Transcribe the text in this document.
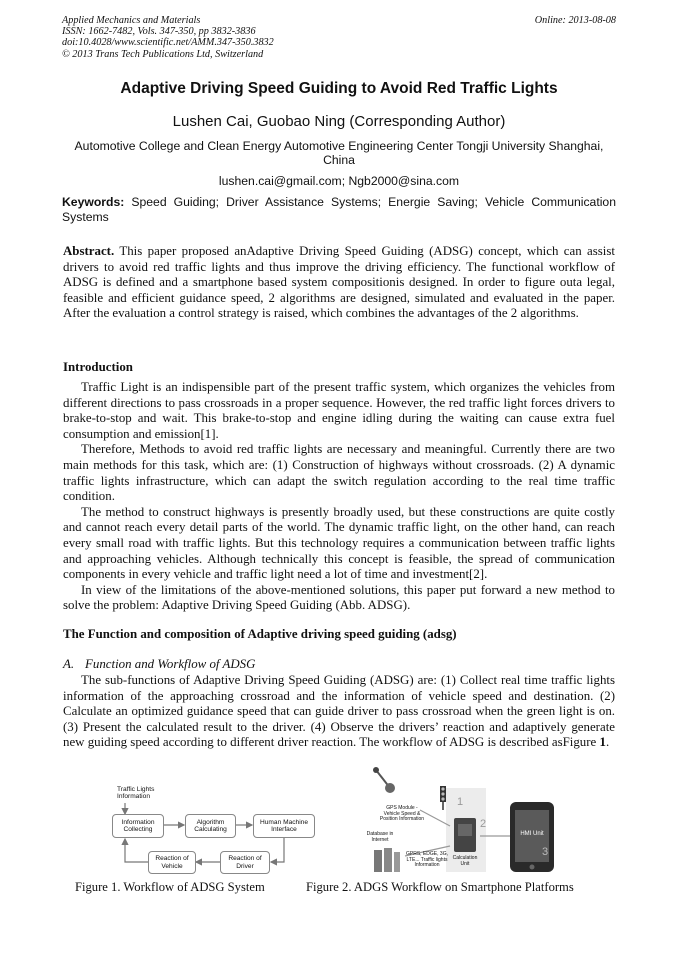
Applied Mechanics and Materials
ISSN: 1662-7482, Vols. 347-350, pp 3832-3836
doi:10.4028/www.scientific.net/AMM.347-350.3832
© 2013 Trans Tech Publications Ltd, Switzerland
Online: 2013-08-08
Adaptive Driving Speed Guiding to Avoid Red Traffic Lights
Lushen Cai, Guobao Ning (Corresponding Author)
Automotive College and Clean Energy Automotive Engineering Center Tongji University Shanghai, China
lushen.cai@gmail.com; Ngb2000@sina.com
Keywords: Speed Guiding; Driver Assistance Systems; Energie Saving; Vehicle Communication Systems
Abstract. This paper proposed anAdaptive Driving Speed Guiding (ADSG) concept, which can assist drivers to avoid red traffic lights and thus improve the driving efficiency. The functional workflow of ADSG is defined and a smartphone based system compositionis designed. In order to figure outa legal, feasible and efficient guidance speed, 2 algorithms are designed, simulated and evaluated in the paper. After the evaluation a control strategy is raised, which combines the advantages of the 2 algorithms.
Introduction

Traffic Light is an indispensible part of the present traffic system, which organizes the vehicles from different directions to pass crossroads in a proper sequence. However, the red traffic light forces drivers to brake-to-stop and wait. This brake-to-stop and engine idling during the waiting can cause extra fuel consumption and emission[1].

Therefore, Methods to avoid red traffic lights are necessary and meaningful. Currently there are two main methods for this task, which are: (1) Construction of highways without crossroads. (2) A dynamic traffic lights infrastructure, which can adapt the switch regulation according to the real time traffic condition.

The method to construct highways is presently broadly used, but these constructions are quite costly and cannot reach every detail parts of the world. The dynamic traffic light, on the other hand, can reach every small road with traffic lights. But this technology requires a communication between traffic lights and approaching vehicles. Although technically this concept is feasible, the spread of communication components in every vehicle and traffic light need a lot of time and investment[2].

In view of the limitations of the above-mentioned solutions, this paper put forward a new method to solve the problem: Adaptive Driving Speed Guiding (Abb. ADSG).

The Function and composition of Adaptive driving speed guiding (adsg)
A. Function and Workflow of ADSG

The sub-functions of Adaptive Driving Speed Guiding (ADSG) are: (1) Collect real time traffic lights information of the approaching crossroad and the information of vehicle speed and destination. (2) Calculate an optimized guidance speed that can guide driver to pass crossroad when the green light is on. (3) Present the calculated result to the driver. (4) Observe the drivers’ reaction and adaptively generate new guiding speed according to different driver reaction. The workflow of ADSG is described asFigure 1.

Traffic Lights Information
Information Collecting
Algorithm Calculating
Human Machine Interface
Reaction of Vehicle
Reaction of Driver
GPS Module - Vehicle Speed & Position Information
Database in Internet
GPRS, EDGE, 3G, LTE... Traffic lights Information
Calculation Unit
HMI Unit
1
2
3
Figure 1. Workflow of ADSG System	Figure 2. ADGS Workflow on Smartphone Platforms
